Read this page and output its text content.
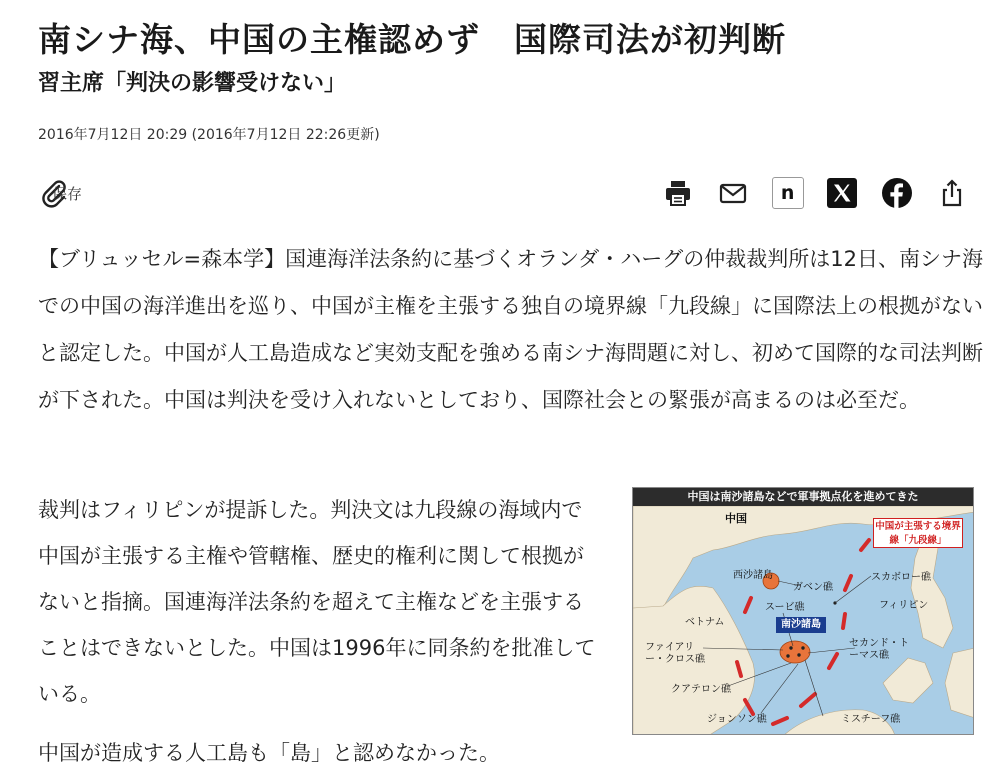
南シナ海、中国の主権認めず　国際司法が初判断
習主席「判決の影響受けない」
2016年7月12日 20:29 (2016年7月12日 22:26更新)
保存	n
【ブリュッセル=森本学】国連海洋法条約に基づくオランダ・ハーグの仲裁裁判所は12日、南シナ海での中国の海洋進出を巡り、中国が主権を主張する独自の境界線「九段線」に国際法上の根拠がないと認定した。中国が人工島造成など実効支配を強める南シナ海問題に対し、初めて国際的な司法判断が下された。中国は判決を受け入れないとしており、国際社会との緊張が高まるのは必至だ。
裁判はフィリピンが提訴した。判決文は九段線の海域内で中国が主張する主権や管轄権、歴史的権利に関して根拠がないと指摘。国連海洋法条約を超えて主権などを主張することはできないとした。中国は1996年に同条約を批准している。
中国が造成する人工島も「島」と認めなかった。
中国は南沙諸島などで軍事拠点化を進めてきた
中国が主張する境界線「九段線」
中国
西沙諸島
ガベン礁
スカボロー礁
フィリピン
スービ礁
ベトナム	南沙諸島
ファイアリー・クロス礁
セカンド・トーマス礁
クアテロン礁
ジョンソン礁	ミスチーフ礁
